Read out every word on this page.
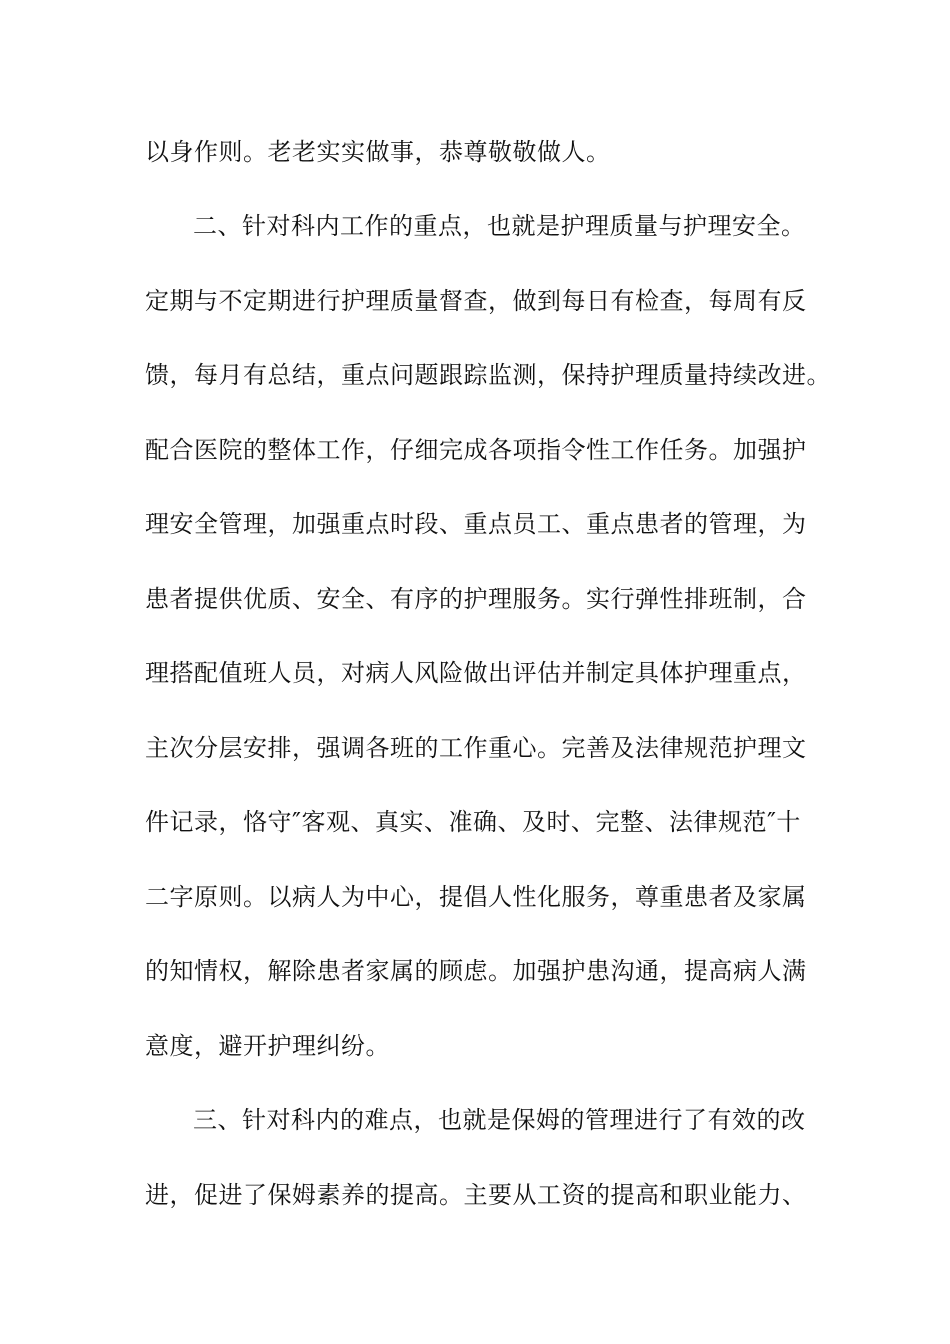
以身作则。老老实实做事，恭尊敬敬做人。
二、针对科内工作的重点，也就是护理质量与护理安全。
定期与不定期进行护理质量督查，做到每日有检查，每周有反
馈，每月有总结，重点问题跟踪监测，保持护理质量持续改进。
配合医院的整体工作，仔细完成各项指令性工作任务。加强护
理安全管理，加强重点时段、重点员工、重点患者的管理，为
患者提供优质、安全、有序的护理服务。实行弹性排班制，合
理搭配值班人员，对病人风险做出评估并制定具体护理重点，
主次分层安排，强调各班的工作重心。完善及法律规范护理文
件记录，恪守″客观、真实、准确、及时、完整、法律规范″十
二字原则。以病人为中心，提倡人性化服务，尊重患者及家属
的知情权，解除患者家属的顾虑。加强护患沟通，提高病人满
意度，避开护理纠纷。
三、针对科内的难点，也就是保姆的管理进行了有效的改
进，促进了保姆素养的提高。主要从工资的提高和职业能力、
